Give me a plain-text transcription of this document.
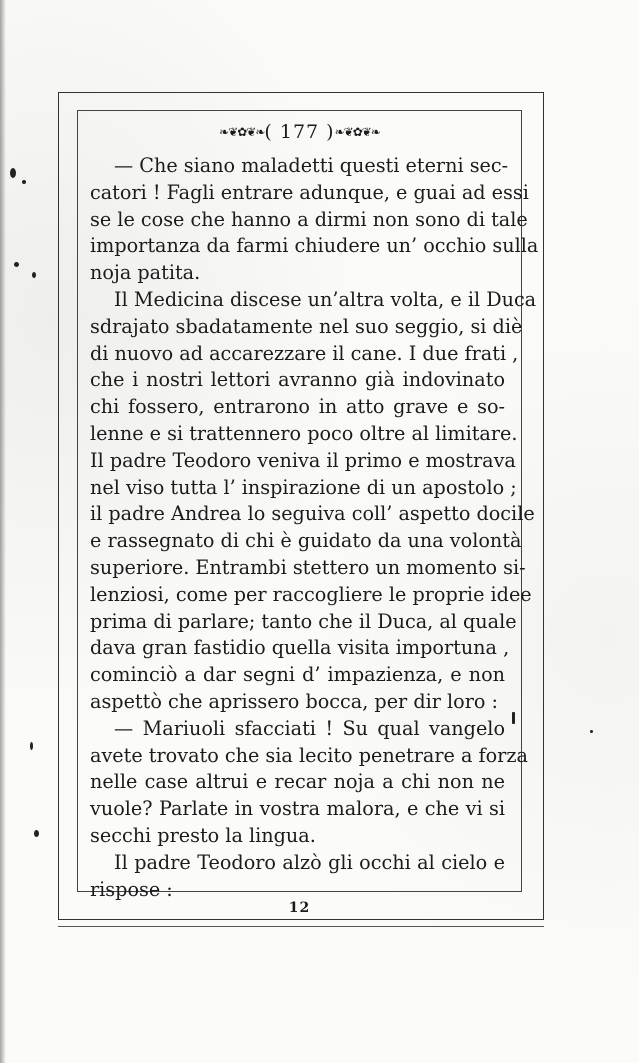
❧❦✿❦❧( 177 )❧❦✿❦❧
— Che siano maladetti questi eterni sec-
catori ! Fagli entrare adunque, e guai ad essi
se le cose che hanno a dirmi non sono di tale
importanza da farmi chiudere un’ occhio sulla
noja patita.
Il Medicina discese un’altra volta, e il Duca
sdrajato sbadatamente nel suo seggio, si diè
di nuovo ad accarezzare il cane. I due frati ,
che i nostri lettori avranno già indovinato
chi fossero, entrarono in atto grave e so-
lenne e si trattennero poco oltre al limitare.
Il padre Teodoro veniva il primo e mostrava
nel viso tutta l’ inspirazione di un apostolo ;
il padre Andrea lo seguiva coll’ aspetto docile
e rassegnato di chi è guidato da una volontà
superiore. Entrambi stettero un momento si-
lenziosi, come per raccogliere le proprie idee
prima di parlare; tanto che il Duca, al quale
dava gran fastidio quella visita importuna ,
cominciò a dar segni d’ impazienza, e non
aspettò che aprissero bocca, per dir loro :
— Mariuoli sfacciati ! Su qual vangelo
avete trovato che sia lecito penetrare a forza
nelle case altrui e recar noja a chi non ne
vuole? Parlate in vostra malora, e che vi si
secchi presto la lingua.
Il padre Teodoro alzò gli occhi al cielo e
rispose :
12
